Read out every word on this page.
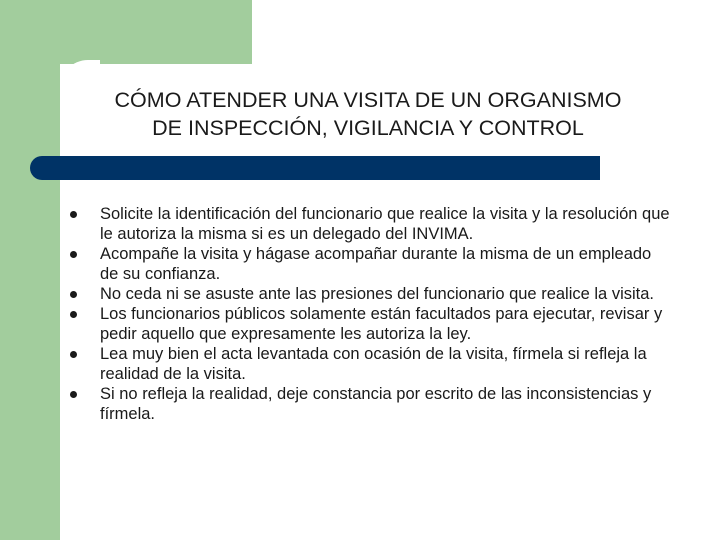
CÓMO ATENDER UNA VISITA DE UN ORGANISMO
DE INSPECCIÓN, VIGILANCIA Y CONTROL
Solicite la identificación del funcionario que realice la visita y la resolución que le autoriza la misma si es un delegado del INVIMA.
Acompañe la visita y hágase acompañar durante la misma de un empleado de su confianza.
No ceda ni se asuste ante las presiones del funcionario que realice la visita.
Los funcionarios públicos solamente están facultados para ejecutar, revisar y pedir aquello que expresamente les autoriza la ley.
Lea muy bien el acta levantada con ocasión de la visita, fírmela si refleja la realidad de la visita.
Si no refleja la realidad, deje constancia por escrito de las inconsistencias y fírmela.
